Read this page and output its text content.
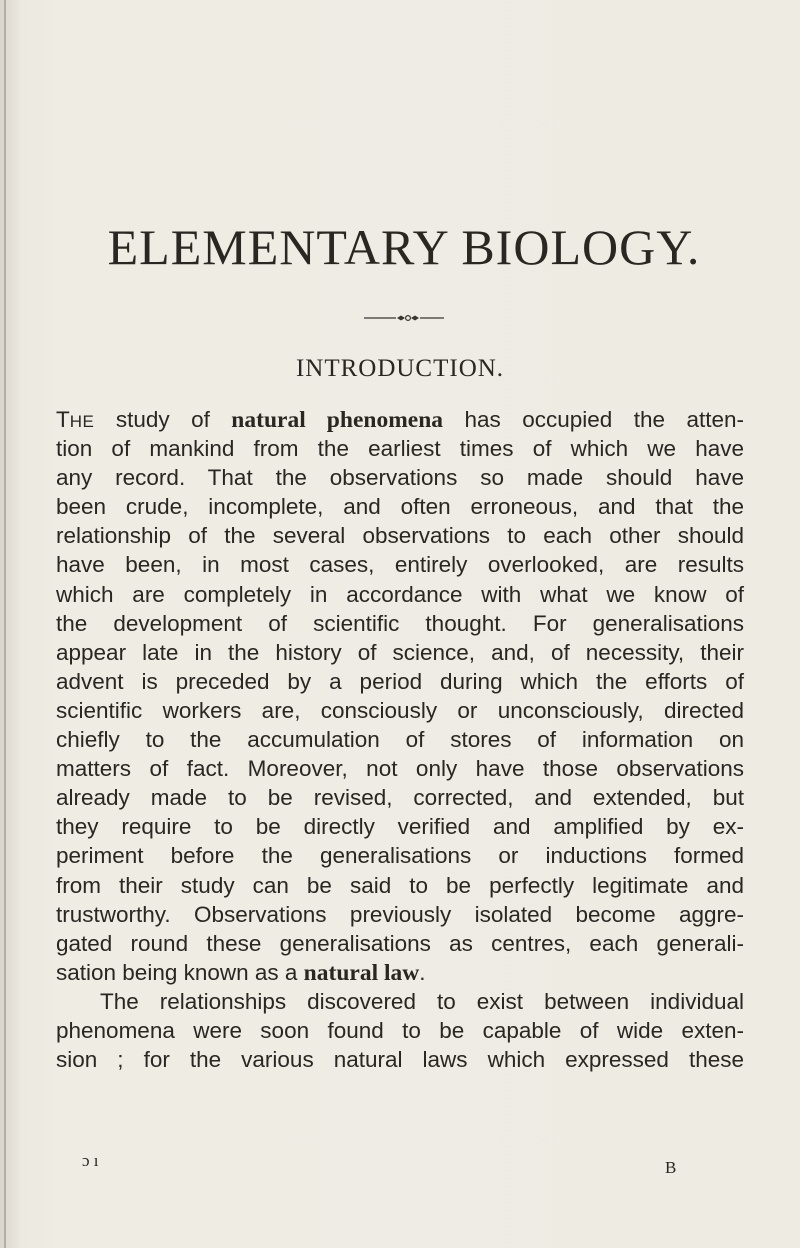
ELEMENTARY BIOLOGY.
INTRODUCTION.
THE study of natural phenomena has occupied the atten-
tion of mankind from the earliest times of which we have
any record. That the observations so made should have
been crude, incomplete, and often erroneous, and that the
relationship of the several observations to each other should
have been, in most cases, entirely overlooked, are results
which are completely in accordance with what we know of
the development of scientific thought. For generalisations
appear late in the history of science, and, of necessity, their
advent is preceded by a period during which the efforts of
scientific workers are, consciously or unconsciously, directed
chiefly to the accumulation of stores of information on
matters of fact. Moreover, not only have those observations
already made to be revised, corrected, and extended, but
they require to be directly verified and amplified by ex-
periment before the generalisations or inductions formed
from their study can be said to be perfectly legitimate and
trustworthy. Observations previously isolated become aggre-
gated round these generalisations as centres, each generali-
sation being known as a natural law.
The relationships discovered to exist between individual
phenomena were soon found to be capable of wide exten-
sion ; for the various natural laws which expressed these

ɔ ı	B
